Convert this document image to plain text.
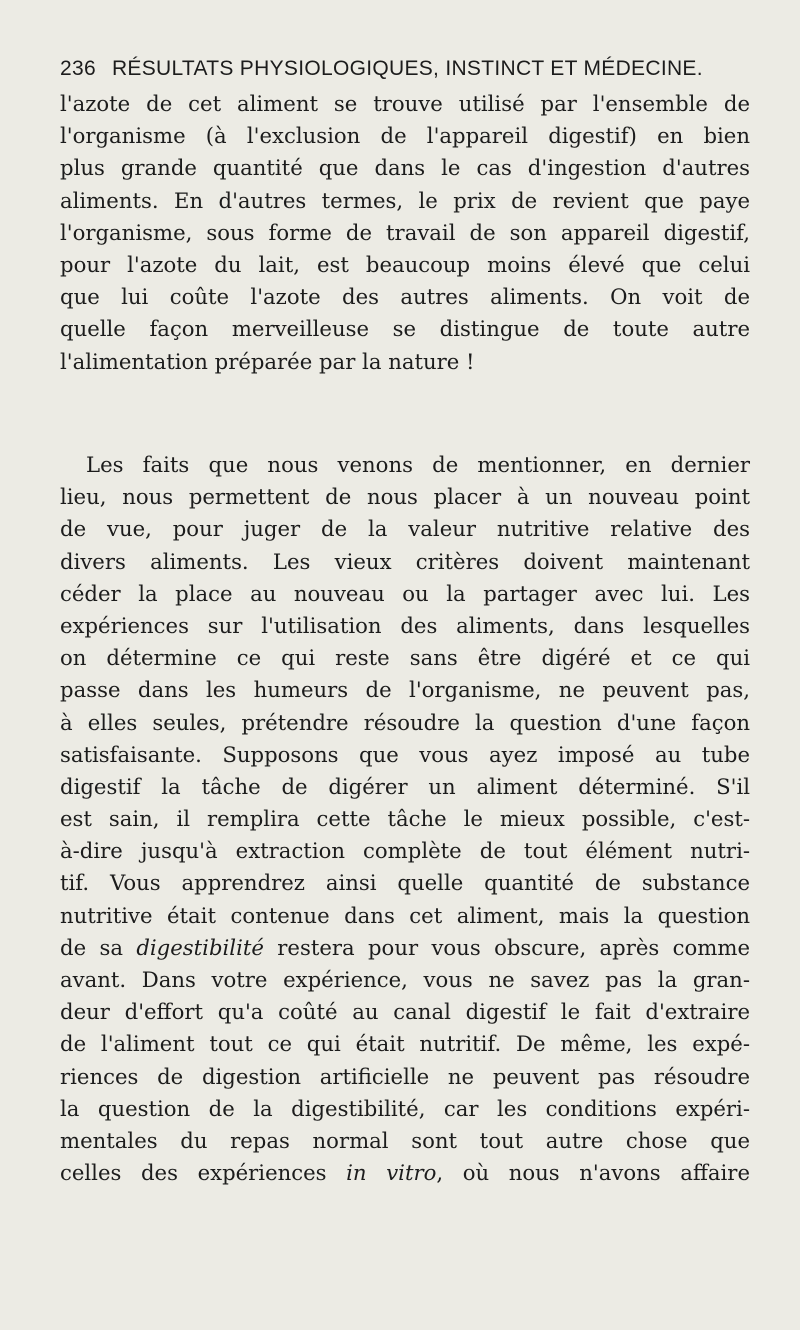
236 RÉSULTATS PHYSIOLOGIQUES, INSTINCT ET MÉDECINE.
l'azote de cet aliment se trouve utilisé par l'ensemble de
l'organisme (à l'exclusion de l'appareil digestif) en bien
plus grande quantité que dans le cas d'ingestion d'autres
aliments. En d'autres termes, le prix de revient que paye
l'organisme, sous forme de travail de son appareil digestif,
pour l'azote du lait, est beaucoup moins élevé que celui
que lui coûte l'azote des autres aliments. On voit de
quelle façon merveilleuse se distingue de toute autre
l'alimentation préparée par la nature !
Les faits que nous venons de mentionner, en dernier
lieu, nous permettent de nous placer à un nouveau point
de vue, pour juger de la valeur nutritive relative des
divers aliments. Les vieux critères doivent maintenant
céder la place au nouveau ou la partager avec lui. Les
expériences sur l'utilisation des aliments, dans lesquelles
on détermine ce qui reste sans être digéré et ce qui
passe dans les humeurs de l'organisme, ne peuvent pas,
à elles seules, prétendre résoudre la question d'une façon
satisfaisante. Supposons que vous ayez imposé au tube
digestif la tâche de digérer un aliment déterminé. S'il
est sain, il remplira cette tâche le mieux possible, c'est-
à-dire jusqu'à extraction complète de tout élément nutri-
tif. Vous apprendrez ainsi quelle quantité de substance
nutritive était contenue dans cet aliment, mais la question
de sa digestibilité restera pour vous obscure, après comme
avant. Dans votre expérience, vous ne savez pas la gran-
deur d'effort qu'a coûté au canal digestif le fait d'extraire
de l'aliment tout ce qui était nutritif. De même, les expé-
riences de digestion artificielle ne peuvent pas résoudre
la question de la digestibilité, car les conditions expéri-
mentales du repas normal sont tout autre chose que
celles des expériences in vitro, où nous n'avons affaire
